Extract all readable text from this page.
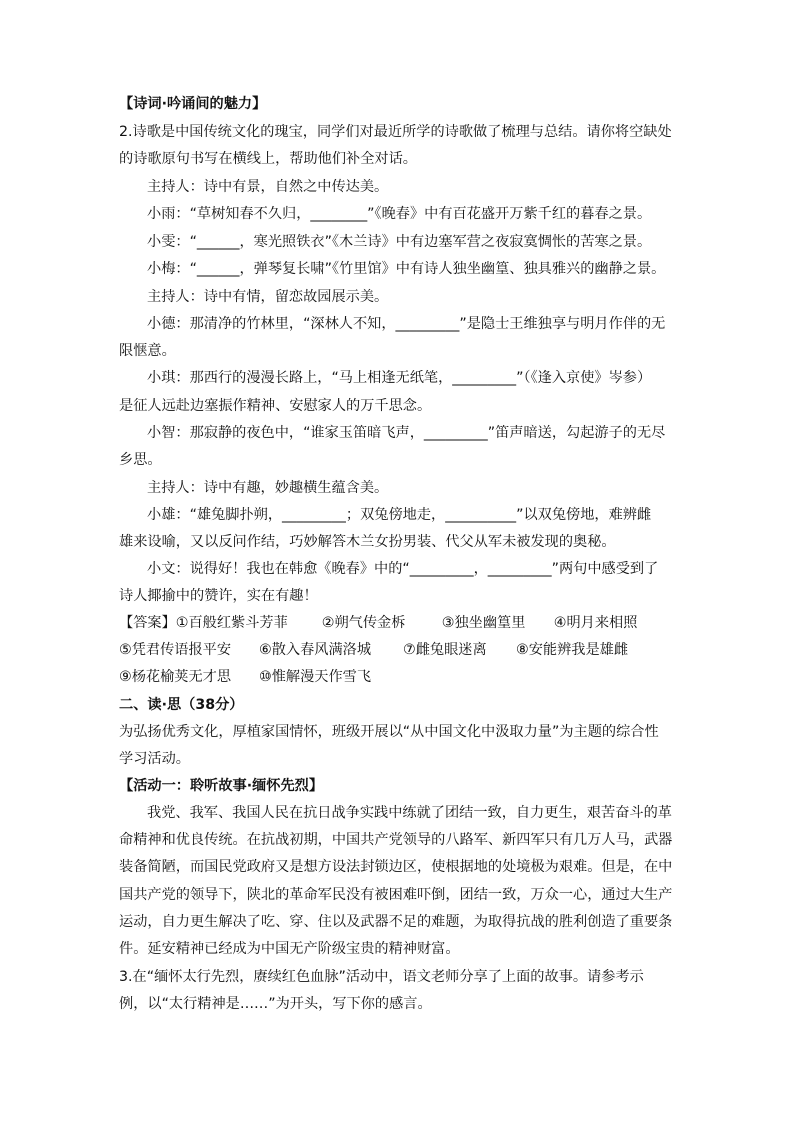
【诗词·吟诵间的魅力】
2.诗歌是中国传统文化的瑰宝，同学们对最近所学的诗歌做了梳理与总结。请你将空缺处
的诗歌原句书写在横线上，帮助他们补全对话。
主持人：诗中有景，自然之中传达美。
小雨：“草树知春不久归，________”《晚春》中有百花盛开万紫千红的暮春之景。
小雯：“______，寒光照铁衣”《木兰诗》中有边塞军营之夜寂寞惆怅的苦寒之景。
小梅：“______，弹琴复长啸”《竹里馆》中有诗人独坐幽篁、独具雅兴的幽静之景。
主持人：诗中有情，留恋故园展示美。
小德：那清净的竹林里，“深林人不知，_________”是隐士王维独享与明月作伴的无
限惬意。
小琪：那西行的漫漫长路上，“马上相逢无纸笔，_________”（《逢入京使》岑参）
是征人远赴边塞振作精神、安慰家人的万千思念。
小智：那寂静的夜色中，“谁家玉笛暗飞声，_________”笛声暗送，勾起游子的无尽
乡思。
主持人：诗中有趣，妙趣横生蕴含美。
小雄：“雄兔脚扑朔，_________；双兔傍地走，__________”以双兔傍地，难辨雌
雄来设喻，又以反问作结，巧妙解答木兰女扮男装、代父从军未被发现的奥秘。
小文：说得好！我也在韩愈《晚春》中的“_________，_________”两句中感受到了
诗人揶揄中的赞许，实在有趣！
【答案】①百般红紫斗芳菲 ②朔气传金柝	③独坐幽篁里 ④明月来相照
⑤凭君传语报平安 ⑥散入春风满洛城 ⑦雌兔眼迷离 ⑧安能辨我是雄雌
⑨杨花榆荚无才思 ⑩惟解漫天作雪飞
二、读·思（38分）
为弘扬优秀文化，厚植家国情怀，班级开展以“从中国文化中汲取力量”为主题的综合性
学习活动。
【活动一：聆听故事·缅怀先烈】
我党、我军、我国人民在抗日战争实践中练就了团结一致，自力更生，艰苦奋斗的革
命精神和优良传统。在抗战初期，中国共产党领导的八路军、新四军只有几万人马，武器
装备简陋，而国民党政府又是想方设法封锁边区，使根据地的处境极为艰难。但是，在中
国共产党的领导下，陕北的革命军民没有被困难吓倒，团结一致，万众一心，通过大生产
运动，自力更生解决了吃、穿、住以及武器不足的难题，为取得抗战的胜利创造了重要条
件。延安精神已经成为中国无产阶级宝贵的精神财富。
3.在“缅怀太行先烈，赓续红色血脉”活动中，语文老师分享了上面的故事。请参考示
例，以“太行精神是……”为开头，写下你的感言。
